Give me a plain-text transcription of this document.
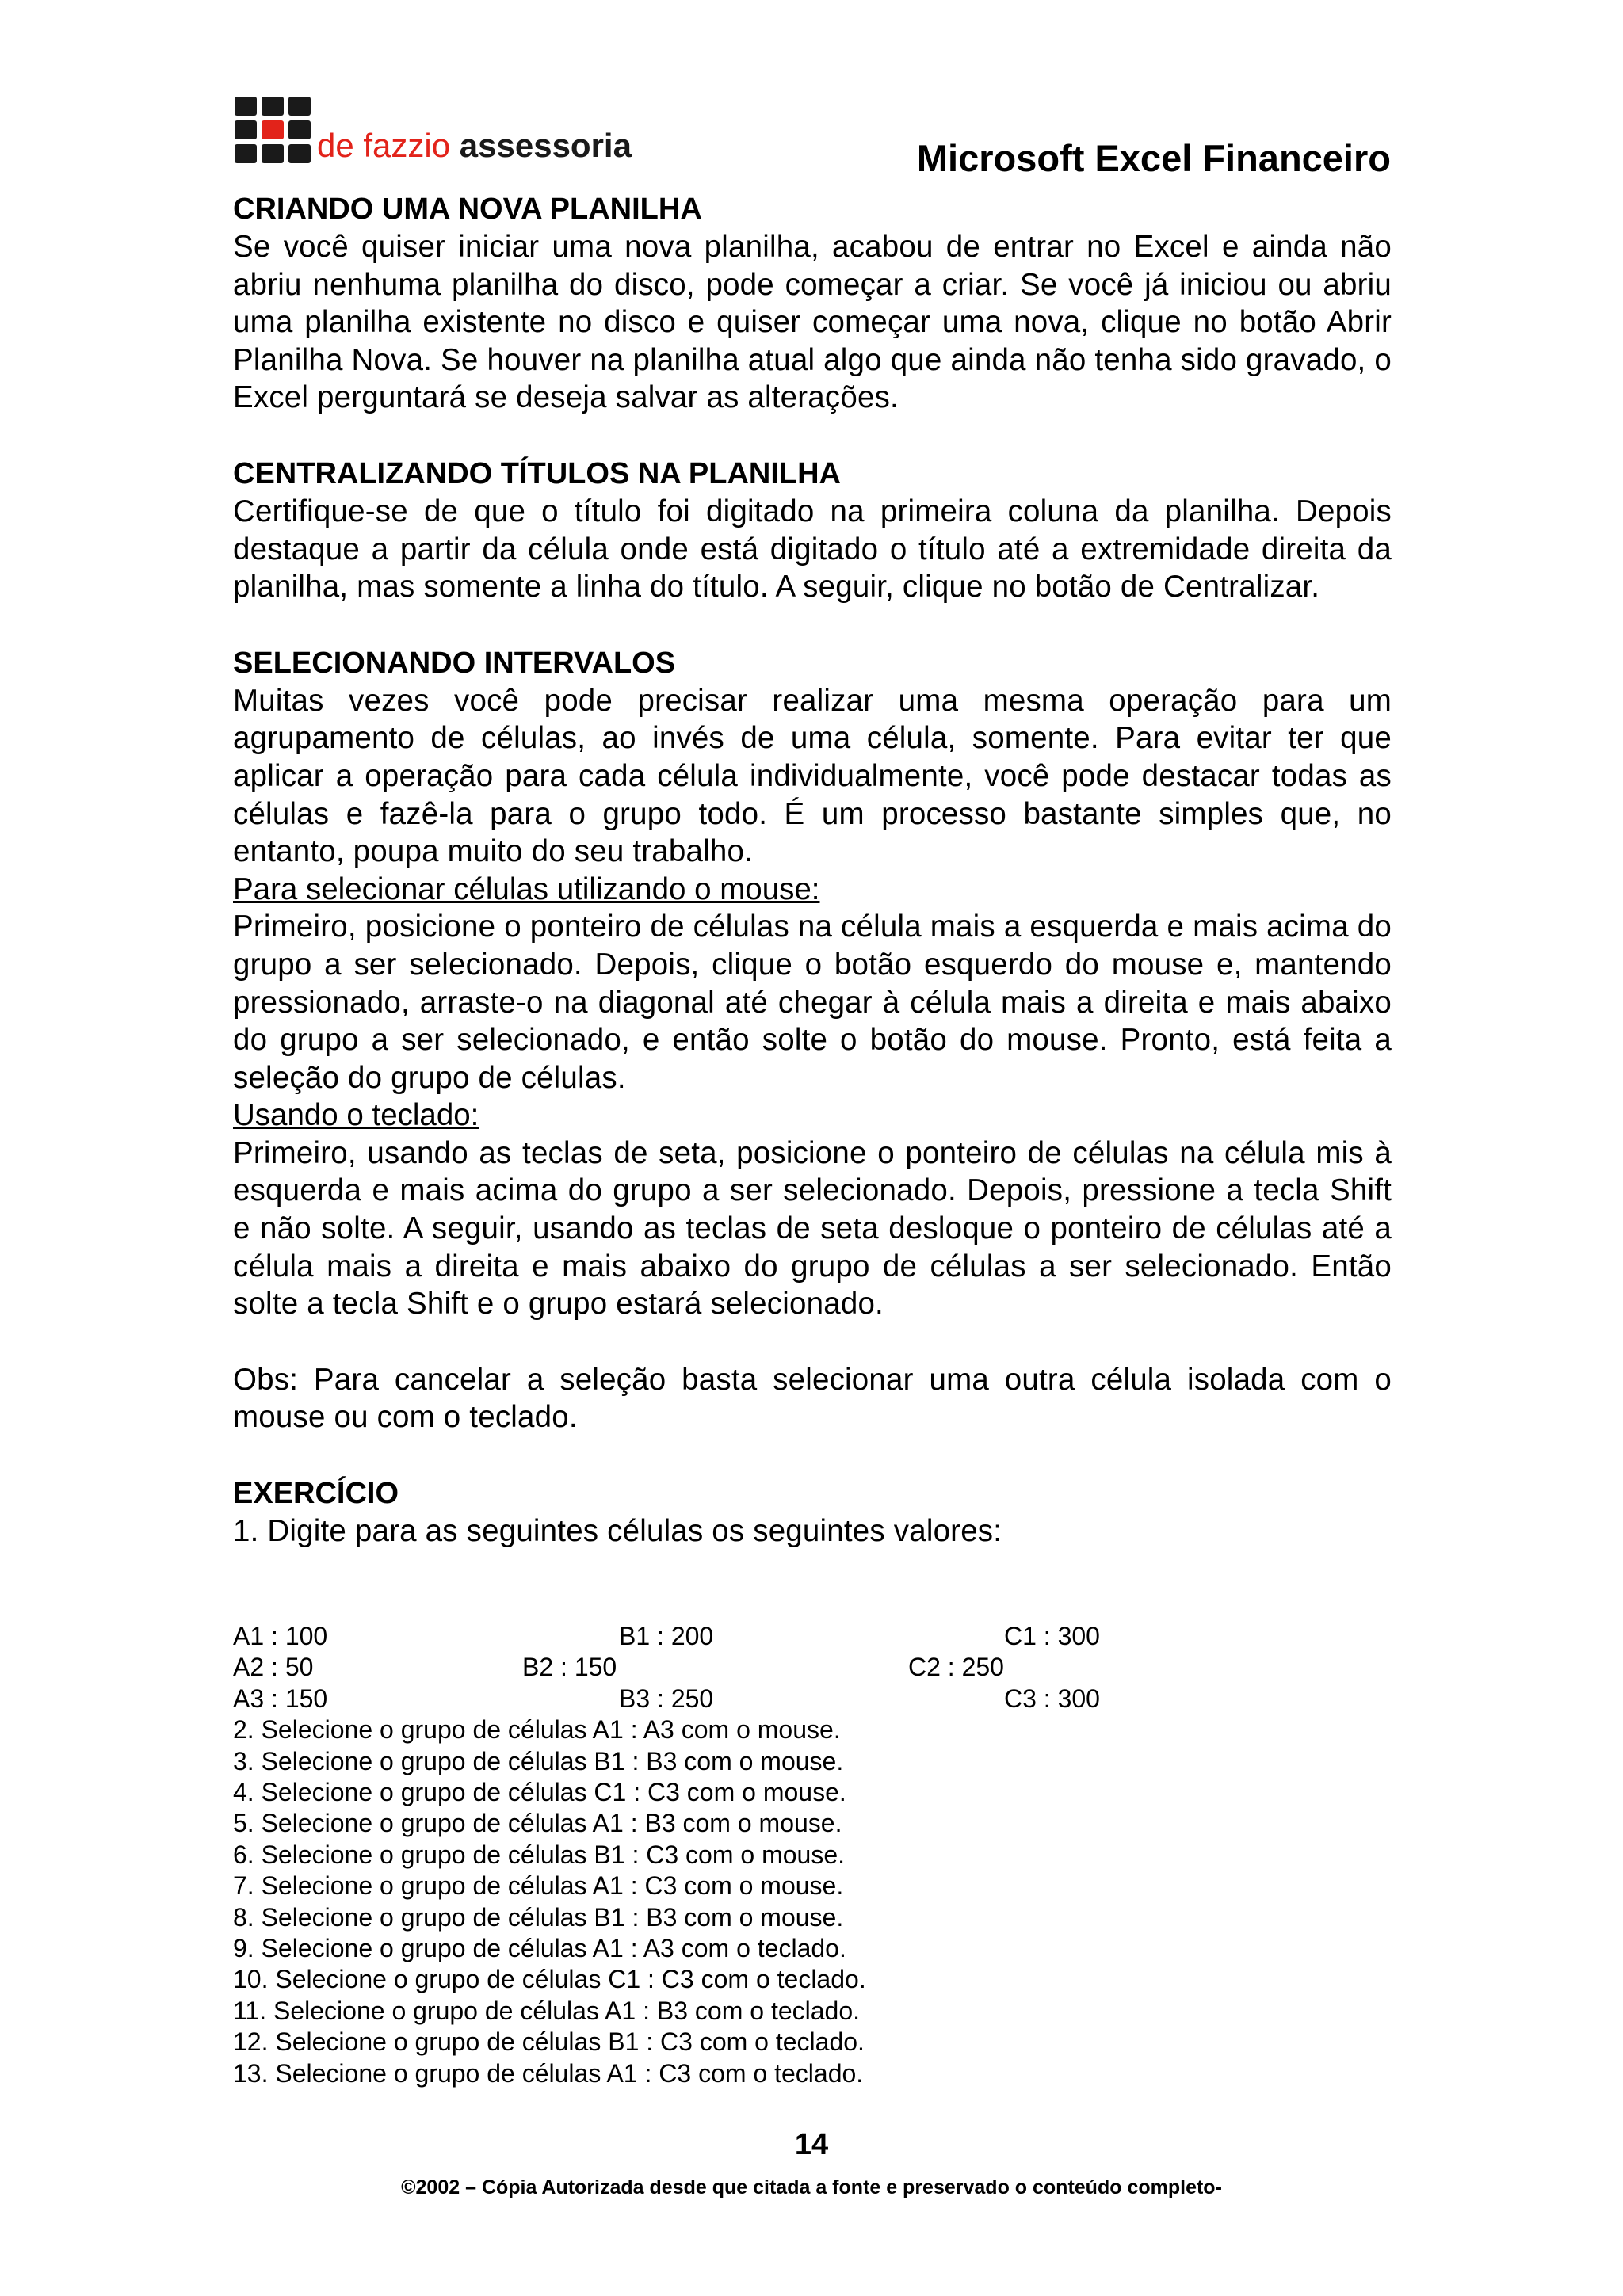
de fazzio assessoria	Microsoft Excel Financeiro

CRIANDO UMA NOVA PLANILHA

Se você quiser iniciar uma nova planilha, acabou de entrar no Excel e ainda não abriu nenhuma planilha do disco, pode começar a criar. Se você já iniciou ou abriu uma planilha existente no disco e quiser começar uma nova, clique no botão Abrir Planilha Nova. Se houver na planilha atual algo que ainda não tenha sido gravado, o Excel perguntará se deseja salvar as alterações.

CENTRALIZANDO TÍTULOS NA PLANILHA

Certifique-se de que o título foi digitado na primeira coluna da planilha. Depois destaque a partir da célula onde está digitado o título até a extremidade direita da planilha, mas somente a linha do título. A seguir, clique no botão de Centralizar.

SELECIONANDO INTERVALOS

Muitas vezes você pode precisar realizar uma mesma operação para um agrupamento de células, ao invés de uma célula, somente. Para evitar ter que aplicar a operação para cada célula individualmente, você pode destacar todas as células e fazê-la para o grupo todo. É um processo bastante simples que, no entanto, poupa muito do seu trabalho.

Para selecionar células utilizando o mouse:

Primeiro, posicione o ponteiro de células na célula mais a esquerda e mais acima do grupo a ser selecionado. Depois, clique o botão esquerdo do mouse e, mantendo pressionado, arraste-o na diagonal até chegar à célula mais a direita e mais abaixo do grupo a ser selecionado, e então solte o botão do mouse. Pronto, está feita a seleção do grupo de células.

Usando o teclado:

Primeiro, usando as teclas de seta, posicione o ponteiro de células na célula mis à esquerda e mais acima do grupo a ser selecionado. Depois, pressione a tecla Shift e não solte. A seguir, usando as teclas de seta desloque o ponteiro de células até a célula mais a direita e mais abaixo do grupo de células a ser selecionado. Então solte a tecla Shift e o grupo estará selecionado.

Obs: Para cancelar a seleção basta selecionar uma outra célula isolada com o mouse ou com o teclado.

EXERCÍCIO

1. Digite para as seguintes células os seguintes valores:

A1 : 100	B1 : 200	C1 : 300
A2 : 50	B2 : 150	C2 : 250
A3 : 150	B3 : 250	C3 : 300

2. Selecione o grupo de células A1 : A3 com o mouse.

3. Selecione o grupo de células B1 : B3 com o mouse.

4. Selecione o grupo de células C1 : C3 com o mouse.

5. Selecione o grupo de células A1 : B3 com o mouse.

6. Selecione o grupo de células B1 : C3 com o mouse.

7. Selecione o grupo de células A1 : C3 com o mouse.

8. Selecione o grupo de células B1 : B3 com o mouse.

9. Selecione o grupo de células A1 : A3 com o teclado.

10. Selecione o grupo de células C1 : C3 com o teclado.

11. Selecione o grupo de células A1 : B3 com o teclado.

12. Selecione o grupo de células B1 : C3 com o teclado.

13. Selecione o grupo de células A1 : C3 com o teclado.

14
©2002 – Cópia Autorizada desde que citada a fonte e preservado o conteúdo completo-
